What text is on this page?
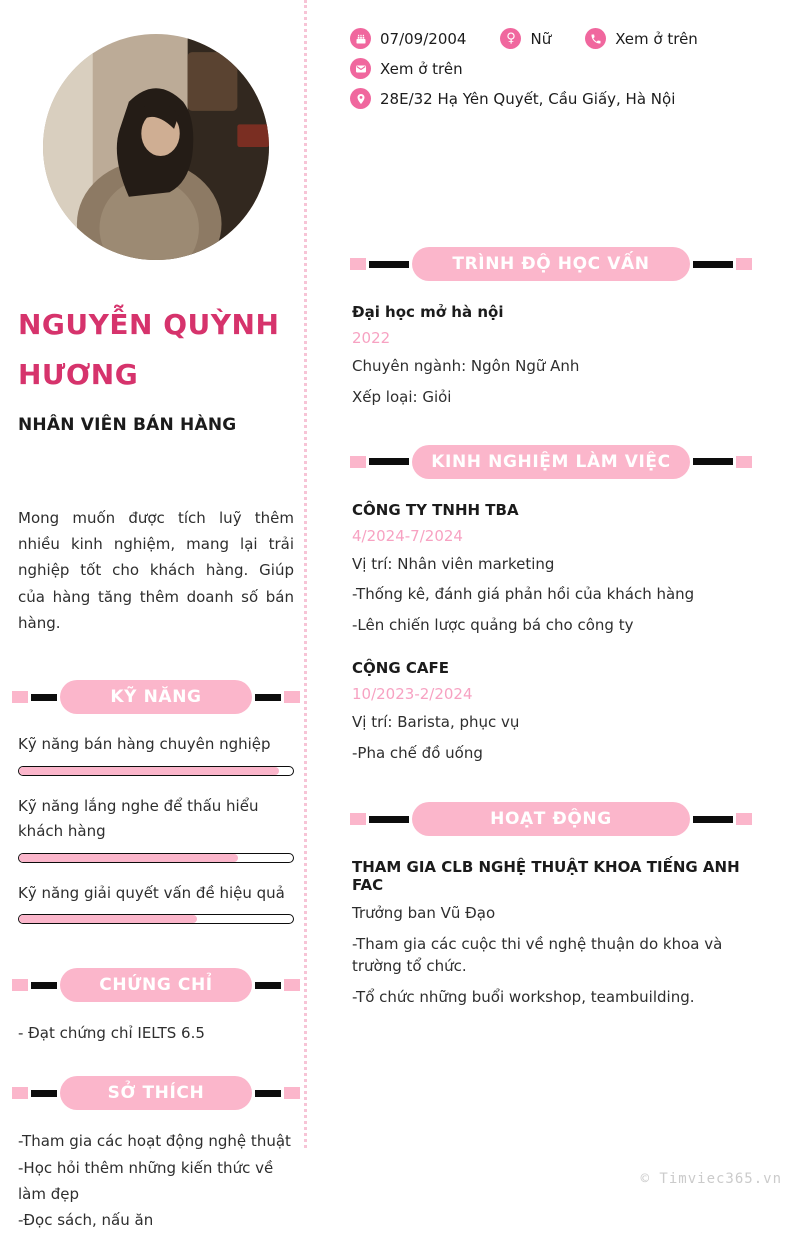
NGUYỄN QUỲNH HƯƠNG
NHÂN VIÊN BÁN HÀNG

Mong muốn được tích luỹ thêm nhiều kinh nghiệm, mang lại trải nghiệp tốt cho khách hàng. Giúp của hàng tăng thêm doanh số bán hàng.

KỸ NĂNG
Kỹ năng bán hàng chuyên nghiệp
Kỹ năng lắng nghe để thấu hiểu khách hàng
Kỹ năng giải quyết vấn đề hiệu quả
CHỨNG CHỈ
- Đạt chứng chỉ IELTS 6.5
SỞ THÍCH
-Tham gia các hoạt động nghệ thuật
-Học hỏi thêm những kiến thức về làm đẹp
-Đọc sách, nấu ăn
07/09/2004	♀ Nữ	Xem ở trên
Xem ở trên
28E/32 Hạ Yên Quyết, Cầu Giấy, Hà Nội
TRÌNH ĐỘ HỌC VẤN
Đại học mở hà nội
2022
Chuyên ngành: Ngôn Ngữ Anh
Xếp loại: Giỏi
KINH NGHIỆM LÀM VIỆC
CÔNG TY TNHH TBA
4/2024-7/2024
Vị trí: Nhân viên marketing
-Thống kê, đánh giá phản hồi của khách hàng
-Lên chiến lược quảng bá cho công ty
CỘNG CAFE
10/2023-2/2024
Vị trí: Barista, phục vụ
-Pha chế đồ uống
HOẠT ĐỘNG
THAM GIA CLB NGHỆ THUẬT KHOA TIẾNG ANH FAC
Trưởng ban Vũ Đạo
-Tham gia các cuộc thi về nghệ thuận do khoa và trường tổ chức.
-Tổ chức những buổi workshop, teambuilding.
© Timviec365.vn
